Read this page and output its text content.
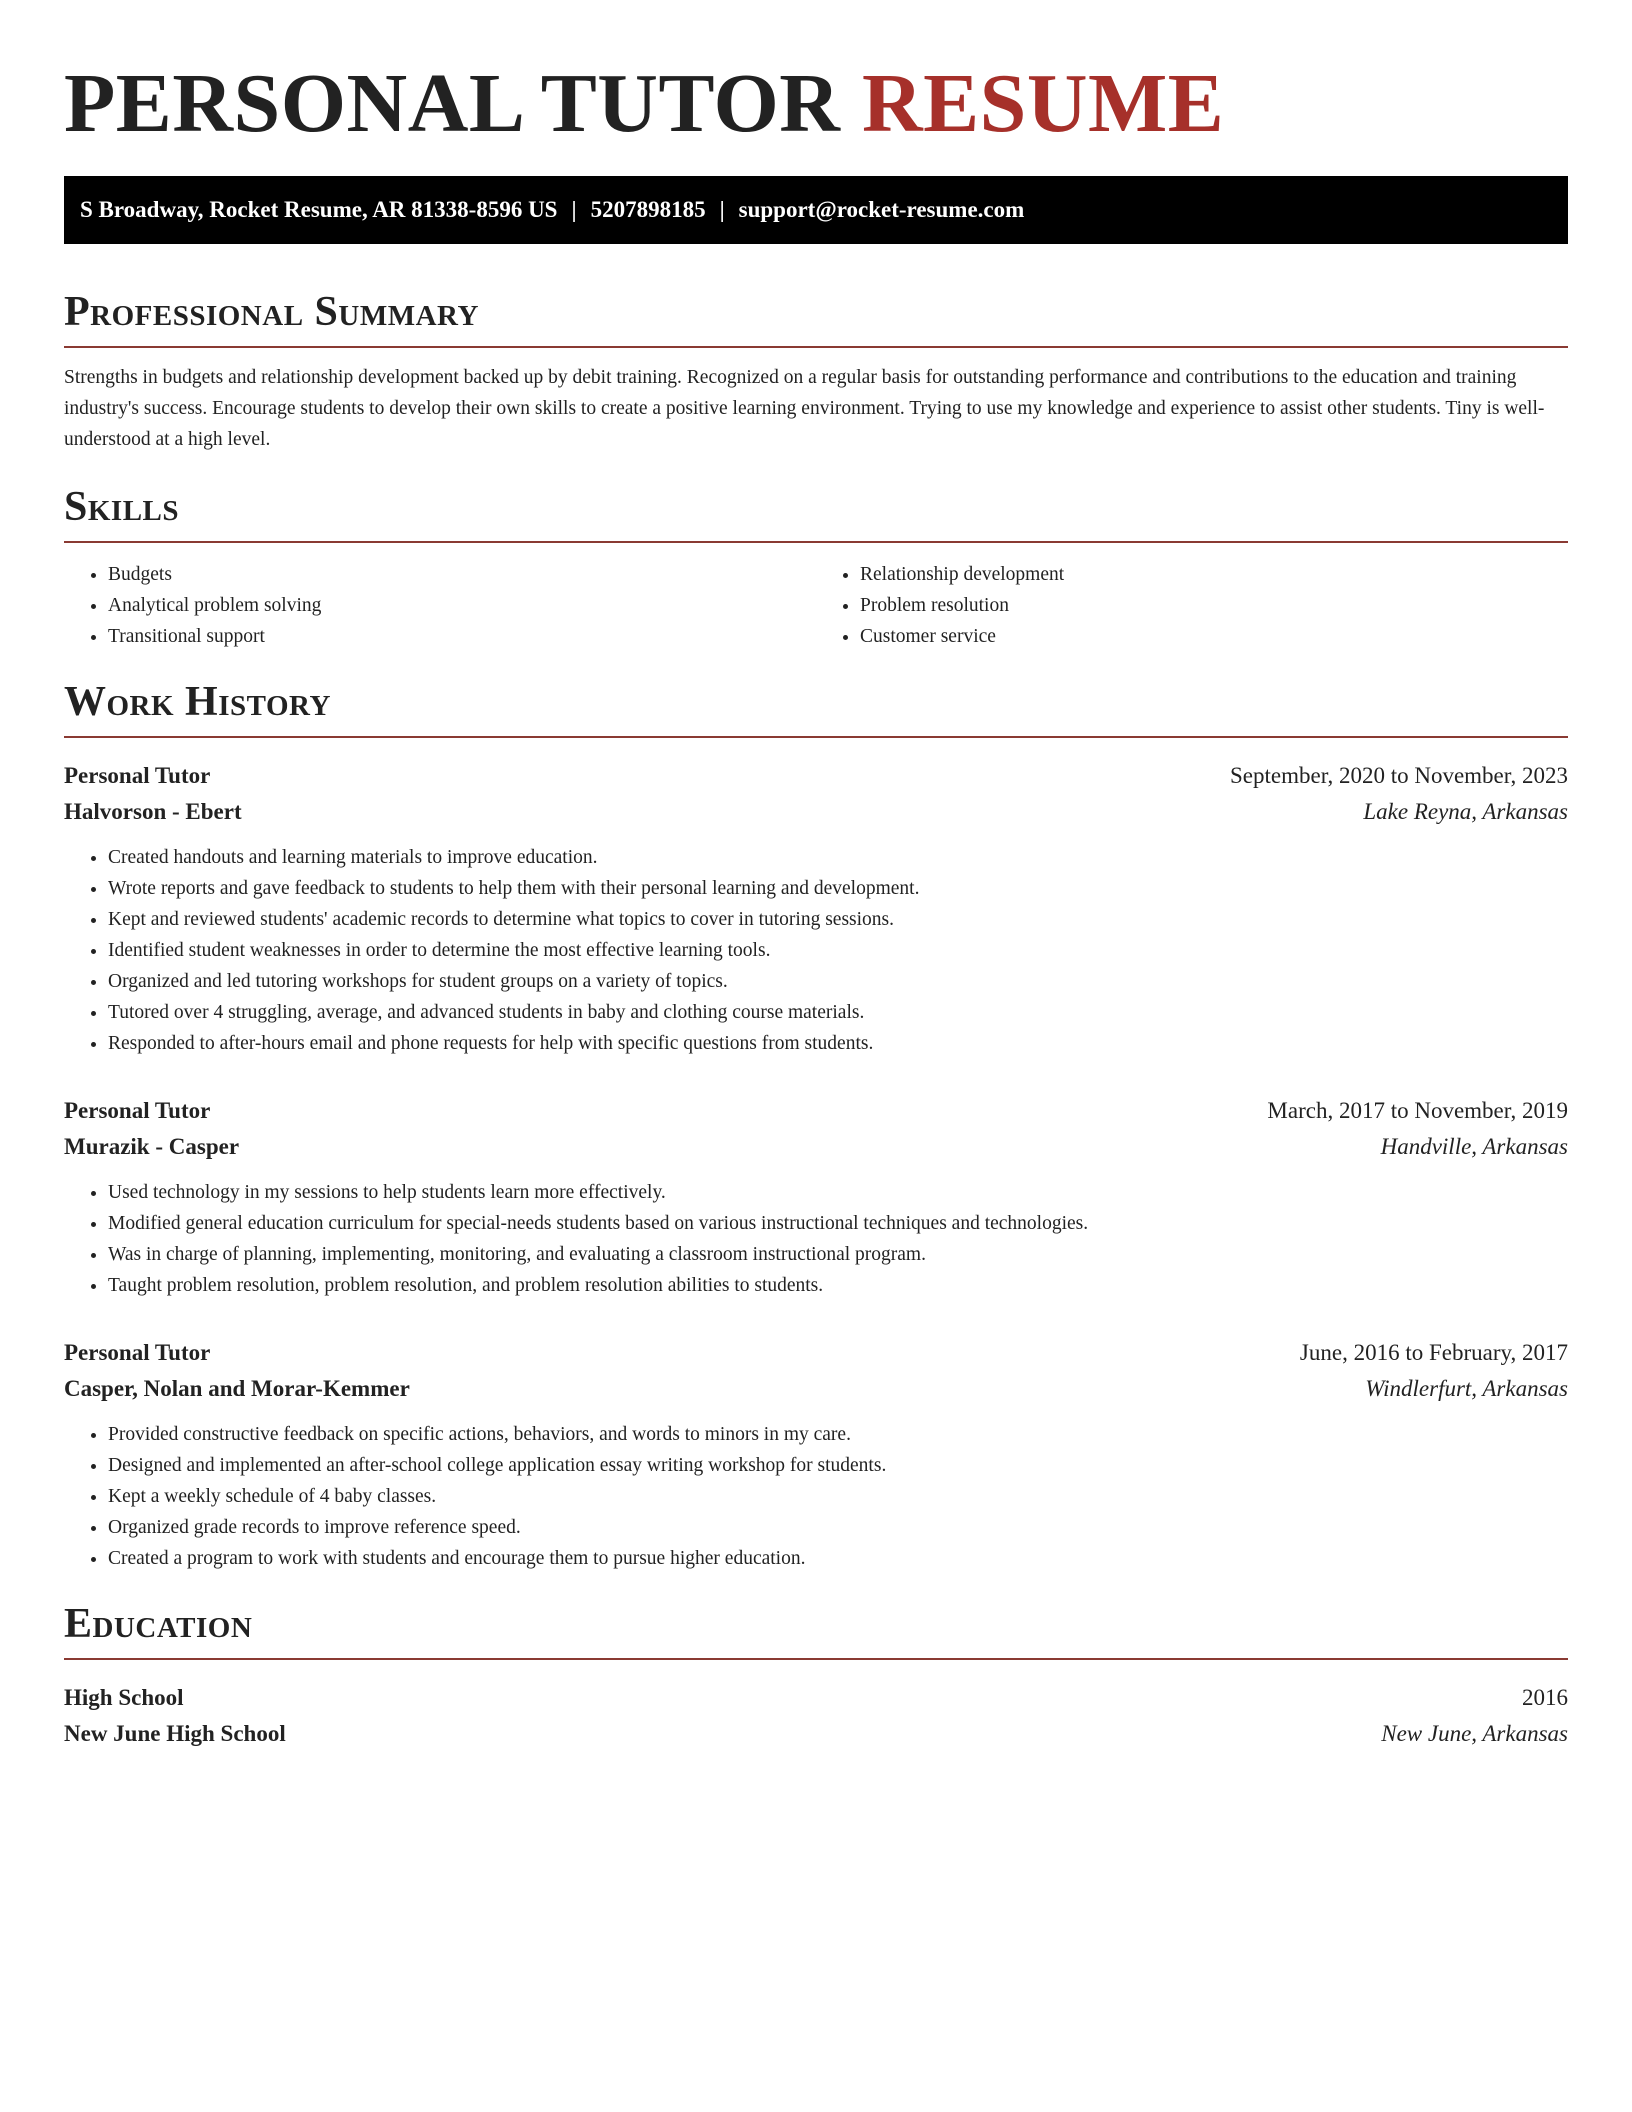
PERSONAL TUTOR RESUME
S Broadway, Rocket Resume, AR 81338-8596 US | 5207898185 | support@rocket-resume.com
Professional Summary

Strengths in budgets and relationship development backed up by debit training. Recognized on a regular basis for outstanding performance and contributions to the education and training industry's success. Encourage students to develop their own skills to create a positive learning environment. Trying to use my knowledge and experience to assist other students. Tiny is well-understood at a high level.

Skills
• Budgets
• Analytical problem solving
• Transitional support
• Relationship development
• Problem resolution
• Customer service
Work History
Personal Tutor	September, 2020 to November, 2023
Halvorson - Ebert	Lake Reyna, Arkansas
• Created handouts and learning materials to improve education.
• Wrote reports and gave feedback to students to help them with their personal learning and development.
• Kept and reviewed students' academic records to determine what topics to cover in tutoring sessions.
• Identified student weaknesses in order to determine the most effective learning tools.
• Organized and led tutoring workshops for student groups on a variety of topics.
• Tutored over 4 struggling, average, and advanced students in baby and clothing course materials.
• Responded to after-hours email and phone requests for help with specific questions from students.
Personal Tutor	March, 2017 to November, 2019
Murazik - Casper	Handville, Arkansas
• Used technology in my sessions to help students learn more effectively.
• Modified general education curriculum for special-needs students based on various instructional techniques and technologies.
• Was in charge of planning, implementing, monitoring, and evaluating a classroom instructional program.
• Taught problem resolution, problem resolution, and problem resolution abilities to students.
Personal Tutor	June, 2016 to February, 2017
Casper, Nolan and Morar-Kemmer	Windlerfurt, Arkansas
• Provided constructive feedback on specific actions, behaviors, and words to minors in my care.
• Designed and implemented an after-school college application essay writing workshop for students.
• Kept a weekly schedule of 4 baby classes.
• Organized grade records to improve reference speed.
• Created a program to work with students and encourage them to pursue higher education.
Education
High School	2016
New June High School	New June, Arkansas
